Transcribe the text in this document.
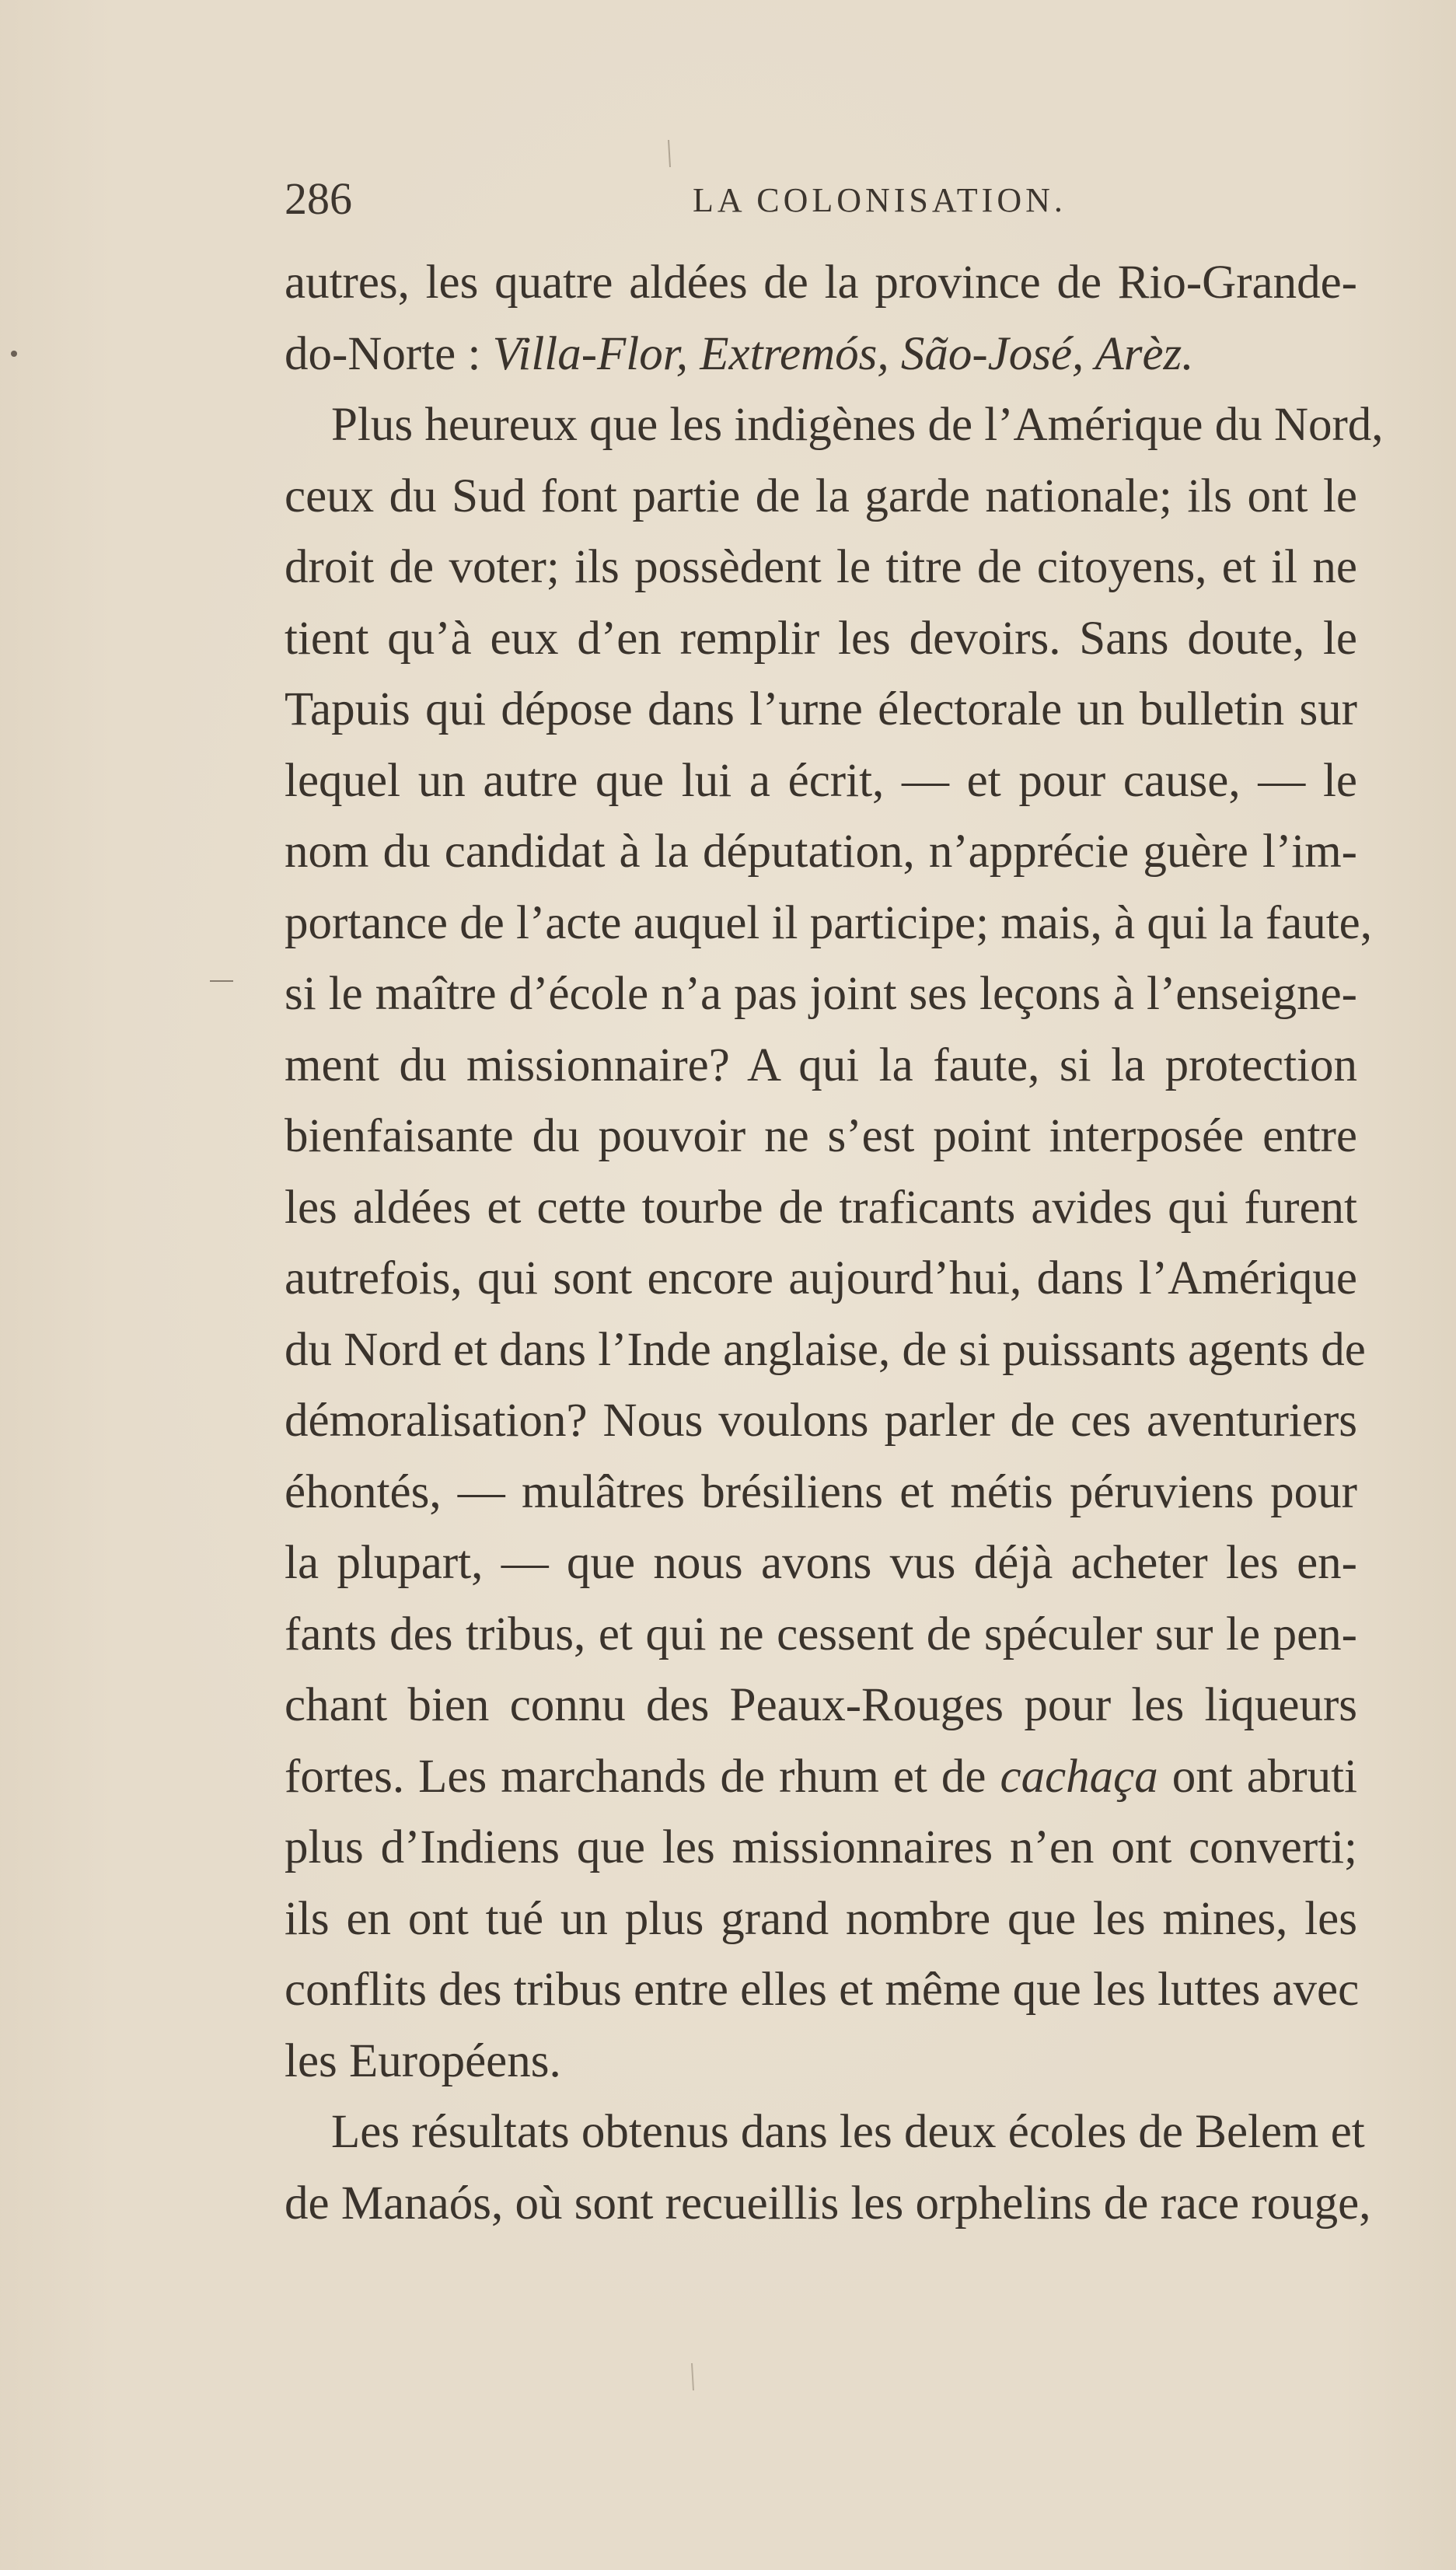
286	LA COLONISATION.
autres, les quatre aldées de la province de Rio-Grande-
do-Norte : Villa-Flor, Extremós, São-José, Arèz.
Plus heureux que les indigènes de l’Amérique du Nord,
ceux du Sud font partie de la garde nationale; ils ont le
droit de voter; ils possèdent le titre de citoyens, et il ne
tient qu’à eux d’en remplir les devoirs. Sans doute, le
Tapuis qui dépose dans l’urne électorale un bulletin sur
lequel un autre que lui a écrit, — et pour cause, — le
nom du candidat à la députation, n’apprécie guère l’im-
portance de l’acte auquel il participe; mais, à qui la faute,
si le maître d’école n’a pas joint ses leçons à l’enseigne-
ment du missionnaire? A qui la faute, si la protection
bienfaisante du pouvoir ne s’est point interposée entre
les aldées et cette tourbe de traficants avides qui furent
autrefois, qui sont encore aujourd’hui, dans l’Amérique
du Nord et dans l’Inde anglaise, de si puissants agents de
démoralisation? Nous voulons parler de ces aventuriers
éhontés, — mulâtres brésiliens et métis péruviens pour
la plupart, — que nous avons vus déjà acheter les en-
fants des tribus, et qui ne cessent de spéculer sur le pen-
chant bien connu des Peaux-Rouges pour les liqueurs
fortes. Les marchands de rhum et de cachaça ont abruti
plus d’Indiens que les missionnaires n’en ont converti;
ils en ont tué un plus grand nombre que les mines, les
conflits des tribus entre elles et même que les luttes avec
les Européens.
Les résultats obtenus dans les deux écoles de Belem et
de Manaós, où sont recueillis les orphelins de race rouge,
